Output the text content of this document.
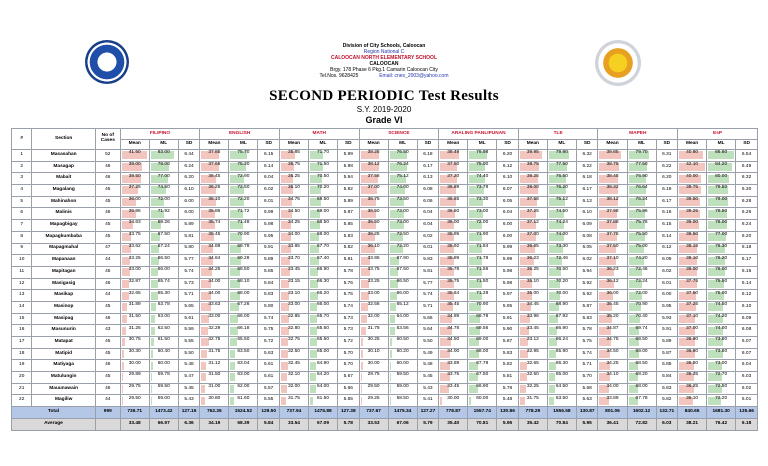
Division of City Schools, Caloocan
Region National C
CALOOCAN NORTH ELEMENTARY SCHOOL
CALOOCAN
Brgy. 178 Phase 6 Pkg.1 Camarin Caloocan City
Tel.Nos. 9628425	Email: cnes_2003@yahoo.com
SECOND PERIODIC Test Results
S.Y. 2019-2020
Grade VI
#	Section	No of Cases	FILIPINO			ENGLISH			MATH			SCIENCE			ARALING PANLIPUNAN			TLE			MAPEH			EsP		
			Mean	ML	SD	Mean	ML	SD	Mean	ML	SD	Mean	ML	SD	Mean	ML	SD	Mean	ML	SD	Mean	ML	SD	Mean	ML	SD
1	Masasahan	52	41.50	83.00	6.44	37.85	75.70	6.15	35.85	71.70	5.99	38.25	76.50	6.18	38.49	76.98	6.20	39.95	79.90	6.32	39.85	79.70	6.31	40.80	86.60	6.54
2	Masagap	46	39.00	78.00	6.24	37.65	75.30	6.14	35.75	71.50	5.98	38.12	76.24	6.17	37.50	75.00	6.12	38.75	77.50	6.22	38.75	77.50	6.22	42.10	84.20	6.49
3	Mabait	46	38.50	77.00	6.20	36.45	72.90	6.04	35.25	70.50	5.94	37.56	75.12	6.13	37.20	74.40	6.10	38.25	76.50	6.18	38.45	76.90	6.20	40.00	80.00	6.32
4	Magalang	45	37.25	74.50	6.10	36.25	72.50	6.02	35.10	70.20	5.92	37.00	74.00	6.08	36.89	73.78	6.07	38.00	76.20	6.17	38.32	76.64	6.19	39.75	79.50	6.30
5	Mahinahon	45	36.00	72.00	6.00	36.10	72.20	6.01	34.75	69.50	5.89	36.75	73.50	6.06	36.65	73.30	6.05	37.56	75.12	6.13	38.12	76.24	6.17	39.50	79.00	6.28
6	Malinis	46	35.96	71.92	6.00	35.86	71.72	5.99	34.50	69.00	5.87	36.50	73.00	6.04	36.50	73.00	6.04	37.25	74.50	6.10	37.98	75.96	6.16	39.25	78.50	6.26
7	Mapagbigay	45	34.63	69.26	5.89	35.74	71.48	5.98	34.25	68.50	5.85	36.50	73.00	6.04	36.00	72.00	6.00	37.12	74.24	6.09	37.88	75.76	6.15	39.00	78.00	6.24
8	Mapagkumbaba	45	33.75	67.50	5.81	35.45	70.90	5.95	34.00	68.00	5.83	36.25	72.50	6.02	35.95	71.90	6.00	37.00	74.00	6.08	37.75	75.50	6.14	38.50	77.00	6.20
9	Mapagmahal	47	33.62	67.24	5.80	34.89	69.78	5.91	33.85	67.70	5.82	36.10	72.20	6.01	35.92	71.84	5.99	36.65	73.30	6.05	37.50	75.00	6.12	38.15	76.30	6.18
10	Mapanaan	44	33.25	66.50	5.77	34.64	69.28	5.89	33.70	67.40	5.81	33.95	67.90	5.83	35.89	71.78	5.99	36.23	72.46	6.02	37.10	74.20	6.09	38.10	76.20	6.17
11	Mapitagan	45	33.00	66.00	5.74	34.25	68.50	5.85	33.45	66.90	5.78	33.75	67.50	5.81	35.78	71.56	5.98	35.25	70.50	5.94	36.23	72.46	6.02	38.00	76.00	6.16
12	Masigasig	46	32.87	65.74	5.73	34.00	68.10	5.84	33.15	66.30	5.76	33.25	66.50	5.77	35.75	71.50	5.98	35.10	70.20	5.92	36.12	72.24	6.01	37.75	75.50	6.14
13	Masikap	44	32.65	65.30	5.71	34.00	68.00	5.83	33.10	66.20	5.75	33.00	66.00	5.74	35.64	71.28	5.97	35.00	70.00	5.92	36.00	72.00	6.00	37.50	75.00	6.12
14	Masinop	45	31.89	63.78	5.65	33.63	67.26	5.80	33.00	66.00	5.74	32.56	65.12	5.71	35.45	70.90	5.95	34.45	68.90	5.87	35.45	70.90	5.95	37.25	74.50	6.10
15	Masipag	46	31.50	63.00	5.61	33.00	66.00	5.74	32.85	65.70	5.73	32.00	64.00	5.66	34.89	69.78	5.91	33.96	67.92	5.83	35.20	70.40	5.93	37.10	74.20	6.09
16	Masunurin	43	31.25	62.50	5.59	32.29	66.18	5.75	32.80	65.60	5.73	31.78	63.56	5.64	34.78	69.56	5.90	33.45	66.90	5.78	34.87	69.74	5.91	37.00	74.00	6.08
17	Matapat	45	30.75	61.50	5.55	32.75	65.50	5.72	32.75	65.50	5.72	30.25	60.50	5.50	34.50	69.00	5.87	33.12	66.24	5.75	34.75	69.50	5.89	36.90	73.80	6.07
18	Matipid	45	30.30	60.40	5.50	31.75	63.50	5.63	32.50	65.00	5.70	30.10	60.20	5.49	34.00	68.00	5.83	32.95	65.90	5.74	34.50	69.00	5.87	36.80	73.60	6.07
19	Matiyaga	46	30.00	60.00	5.48	31.12	63.04	5.61	32.45	64.90	5.70	30.00	60.00	5.48	33.89	67.78	5.82	32.65	65.30	5.71	34.25	68.50	5.85	36.50	73.00	6.04
20	Matulungin	45	29.89	59.78	5.47	31.50	63.00	5.61	32.10	64.20	5.67	29.75	59.50	5.45	33.75	67.50	5.81	32.50	65.00	5.70	34.10	68.20	5.84	36.35	72.70	6.03
21	Mauunawain	46	29.75	59.50	5.45	31.00	62.00	5.57	32.00	64.00	5.66	29.50	59.00	5.43	33.45	66.90	5.78	32.25	64.50	5.68	34.00	68.00	5.83	36.25	72.50	6.02
22	Magiliw	44	29.50	59.00	5.43	30.80	61.60	5.55	31.75	61.50	5.55	29.25	58.50	5.41	30.00	60.00	5.48	31.75	63.50	5.63	33.89	67.78	5.82	36.10	72.20	6.01
Total		999	736.71	1473.42	127.16	762.26	1524.52	129.50	737.94	1475.88	127.38	737.67	1475.34	127.27	778.87	1557.74	130.86	778.29	1556.58	130.87	801.06	1602.12	132.71	840.65	1681.30	135.66
Average			33.48	66.97	6.36	34.19	68.39	5.84	33.54	67.09	5.78	33.53	67.06	5.79	35.40	70.81	5.95	35.42	70.84	5.95	36.41	72.82	6.03	38.21	76.42	6.18
